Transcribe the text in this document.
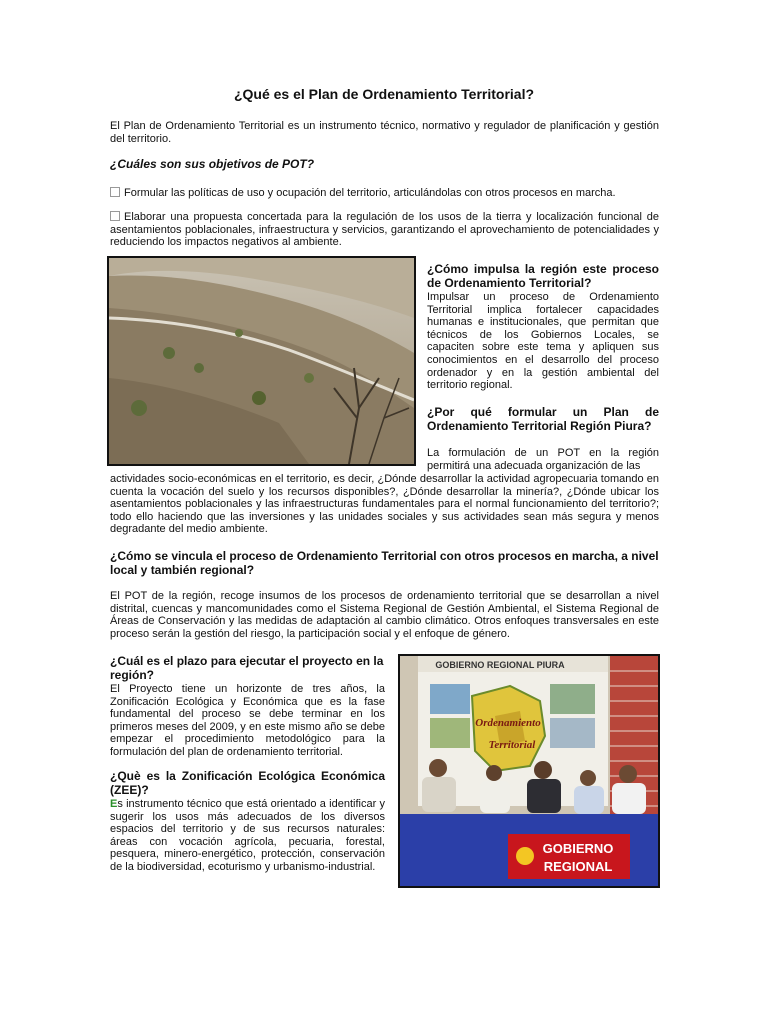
¿Qué es el Plan de Ordenamiento Territorial?
El Plan de Ordenamiento Territorial es un instrumento técnico, normativo y regulador de planificación y gestión del territorio.
¿Cuáles son sus objetivos de POT?
Formular las políticas de uso y ocupación del territorio, articulándolas con otros procesos en marcha.
Elaborar una propuesta concertada para la regulación de los usos de la tierra y localización funcional de asentamientos poblacionales, infraestructura y servicios, garantizando el aprovechamiento de potencialidades y reduciendo los impactos negativos al ambiente.
¿Cómo impulsa la región este proceso de Ordenamiento Territorial?
Impulsar un proceso de Ordenamiento Territorial implica fortalecer capacidades humanas e institucionales, que permitan que técnicos de los Gobiernos Locales, se capaciten sobre este tema y apliquen sus conocimientos en el desarrollo del proceso ordenador y en la gestión ambiental del territorio regional.
¿Por qué formular un Plan de Ordenamiento Territorial Región Piura?
La formulación de un POT en la región permitirá una adecuada organización de las
actividades socio-económicas en el territorio, es decir, ¿Dónde desarrollar la actividad agropecuaria tomando en cuenta la vocación del suelo y los recursos disponibles?, ¿Dónde desarrollar la minería?, ¿Dónde ubicar los asentamientos poblacionales y las infraestructuras fundamentales para el normal funcionamiento del territorio?; todo ello haciendo que las inversiones y las unidades sociales y sus actividades sean más segura y menos degradante del medio ambiente.
¿Cómo se vincula el proceso de Ordenamiento Territorial con otros procesos en marcha, a nivel local y también regional?
El POT de la región, recoge insumos de los procesos de ordenamiento territorial que se desarrollan a nivel distrital, cuencas y mancomunidades como el Sistema Regional de Gestión Ambiental, el Sistema Regional de Áreas de Conservación y las medidas de adaptación al cambio climático. Otros enfoques transversales en este proceso serán la gestión del riesgo, la participación social y el enfoque de género.
¿Cuál es el plazo para ejecutar el proyecto en la región?
El Proyecto tiene un horizonte de tres años, la Zonificación Ecológica y Económica que es la fase fundamental del proceso se debe terminar en los primeros meses del 2009, y en este mismo año se debe empezar el procedimiento metodológico para la formulación del plan de ordenamiento territorial.
¿Què es la Zonificación Ecológica Económica (ZEE)?
Es instrumento técnico que está orientado a identificar y sugerir los usos más adecuados de los diversos espacios del territorio y de sus recursos naturales: áreas con vocación agrícola, pecuaria, forestal, pesquera, minero-energético, protección, conservación de la biodiversidad, ecoturismo y urbanismo-industrial.
GOBIERNO REGIONAL PIURA
Ordenamiento
Territorial
GOBIERNO
REGIONAL
